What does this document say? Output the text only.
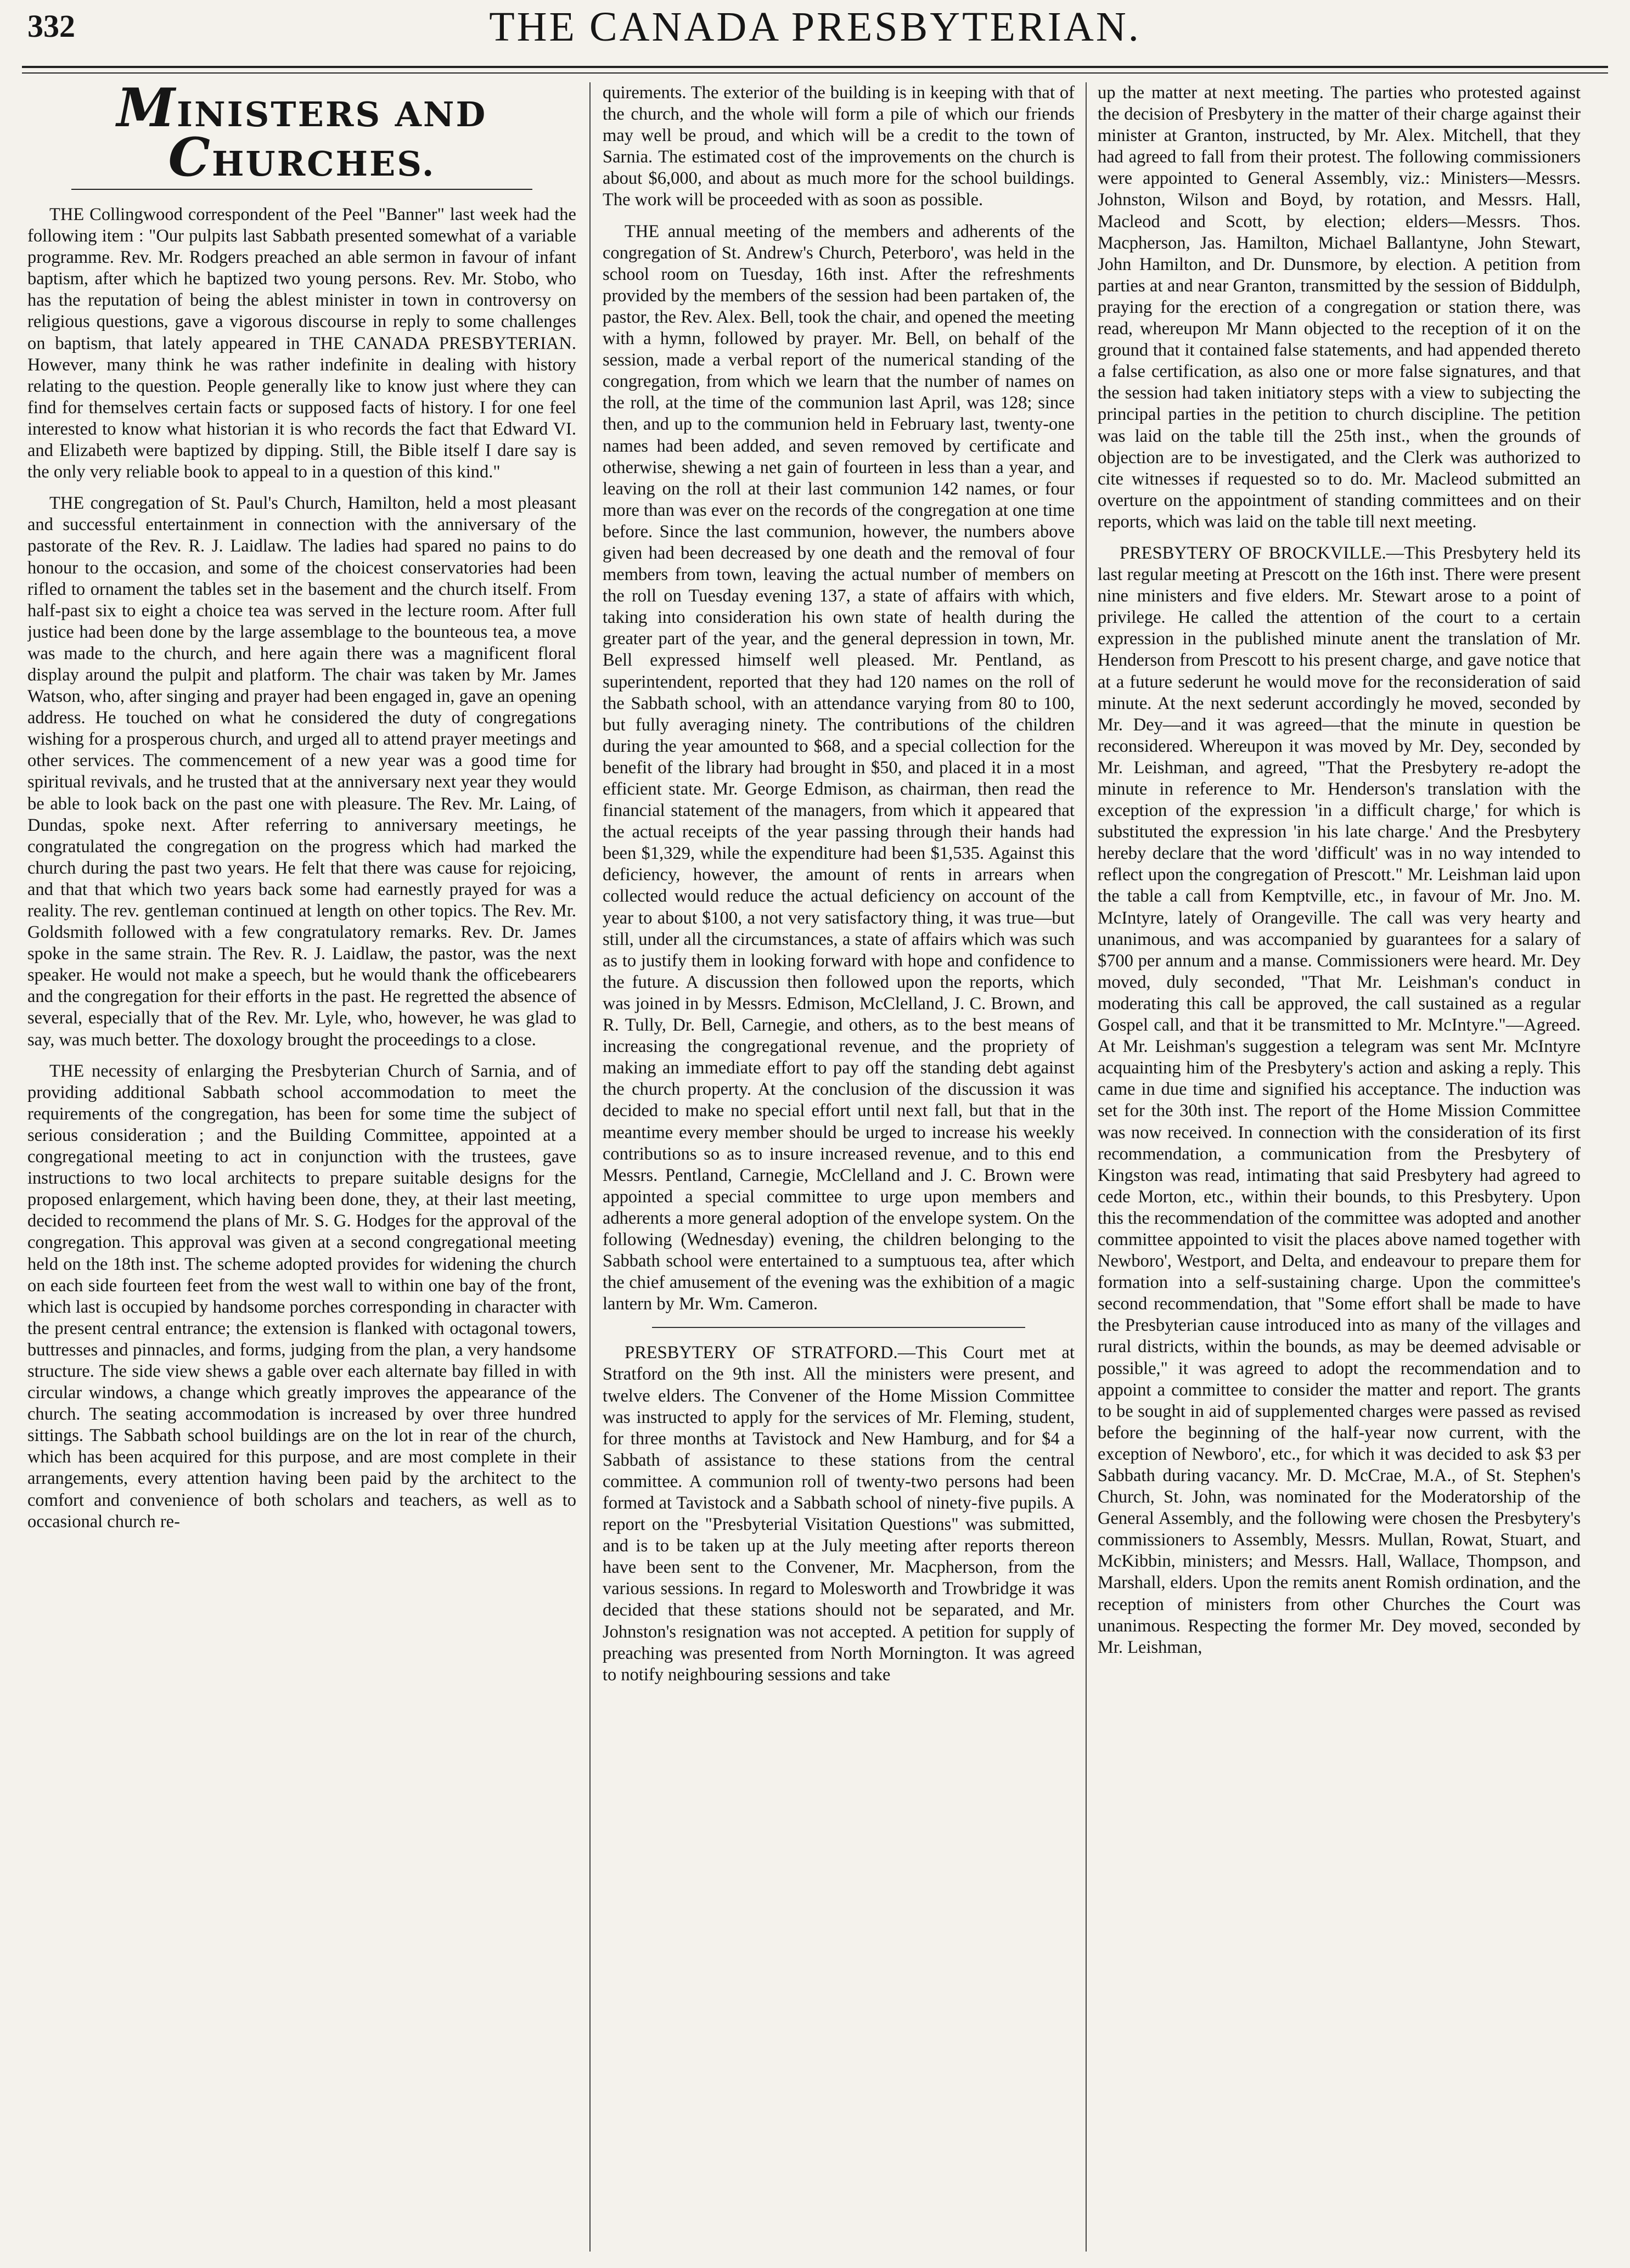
332	THE CANADA PRESBYTERIAN.
MINISTERS AND CHURCHES.

THE Collingwood correspondent of the Peel "Banner" last week had the following item : "Our pulpits last Sabbath presented somewhat of a variable programme. Rev. Mr. Rodgers preached an able sermon in favour of infant baptism, after which he baptized two young persons. Rev. Mr. Stobo, who has the reputation of being the ablest minister in town in controversy on religious questions, gave a vigorous discourse in reply to some challenges on baptism, that lately appeared in THE CANADA PRESBYTERIAN. However, many think he was rather indefinite in dealing with history relating to the question. People generally like to know just where they can find for themselves certain facts or supposed facts of history. I for one feel interested to know what historian it is who records the fact that Edward VI. and Elizabeth were baptized by dipping. Still, the Bible itself I dare say is the only very reliable book to appeal to in a question of this kind."

THE congregation of St. Paul's Church, Hamilton, held a most pleasant and successful entertainment in connection with the anniversary of the pastorate of the Rev. R. J. Laidlaw. The ladies had spared no pains to do honour to the occasion, and some of the choicest conservatories had been rifled to ornament the tables set in the basement and the church itself. From half-past six to eight a choice tea was served in the lecture room. After full justice had been done by the large assemblage to the bounteous tea, a move was made to the church, and here again there was a magnificent floral display around the pulpit and platform. The chair was taken by Mr. James Watson, who, after singing and prayer had been engaged in, gave an opening address. He touched on what he considered the duty of congregations wishing for a prosperous church, and urged all to attend prayer meetings and other services. The commencement of a new year was a good time for spiritual revivals, and he trusted that at the anniversary next year they would be able to look back on the past one with pleasure. The Rev. Mr. Laing, of Dundas, spoke next. After referring to anniversary meetings, he congratulated the congregation on the progress which had marked the church during the past two years. He felt that there was cause for rejoicing, and that that which two years back some had earnestly prayed for was a reality. The rev. gentleman continued at length on other topics. The Rev. Mr. Goldsmith followed with a few congratulatory remarks. Rev. Dr. James spoke in the same strain. The Rev. R. J. Laidlaw, the pastor, was the next speaker. He would not make a speech, but he would thank the officebearers and the congregation for their efforts in the past. He regretted the absence of several, especially that of the Rev. Mr. Lyle, who, however, he was glad to say, was much better. The doxology brought the proceedings to a close.

THE necessity of enlarging the Presbyterian Church of Sarnia, and of providing additional Sabbath school accommodation to meet the requirements of the congregation, has been for some time the subject of serious consideration ; and the Building Committee, appointed at a congregational meeting to act in conjunction with the trustees, gave instructions to two local architects to prepare suitable designs for the proposed enlargement, which having been done, they, at their last meeting, decided to recommend the plans of Mr. S. G. Hodges for the approval of the congregation. This approval was given at a second congregational meeting held on the 18th inst. The scheme adopted provides for widening the church on each side fourteen feet from the west wall to within one bay of the front, which last is occupied by handsome porches corresponding in character with the present central entrance; the extension is flanked with octagonal towers, buttresses and pinnacles, and forms, judging from the plan, a very handsome structure. The side view shews a gable over each alternate bay filled in with circular windows, a change which greatly improves the appearance of the church. The seating accommodation is increased by over three hundred sittings. The Sabbath school buildings are on the lot in rear of the church, which has been acquired for this purpose, and are most complete in their arrangements, every attention having been paid by the architect to the comfort and convenience of both scholars and teachers, as well as to occasional church re-

quirements. The exterior of the building is in keeping with that of the church, and the whole will form a pile of which our friends may well be proud, and which will be a credit to the town of Sarnia. The estimated cost of the improvements on the church is about $6,000, and about as much more for the school buildings. The work will be proceeded with as soon as possible.

THE annual meeting of the members and adherents of the congregation of St. Andrew's Church, Peterboro', was held in the school room on Tuesday, 16th inst. After the refreshments provided by the members of the session had been partaken of, the pastor, the Rev. Alex. Bell, took the chair, and opened the meeting with a hymn, followed by prayer. Mr. Bell, on behalf of the session, made a verbal report of the numerical standing of the congregation, from which we learn that the number of names on the roll, at the time of the communion last April, was 128; since then, and up to the communion held in February last, twenty-one names had been added, and seven removed by certificate and otherwise, shewing a net gain of fourteen in less than a year, and leaving on the roll at their last communion 142 names, or four more than was ever on the records of the congregation at one time before. Since the last communion, however, the numbers above given had been decreased by one death and the removal of four members from town, leaving the actual number of members on the roll on Tuesday evening 137, a state of affairs with which, taking into consideration his own state of health during the greater part of the year, and the general depression in town, Mr. Bell expressed himself well pleased. Mr. Pentland, as superintendent, reported that they had 120 names on the roll of the Sabbath school, with an attendance varying from 80 to 100, but fully averaging ninety. The contributions of the children during the year amounted to $68, and a special collection for the benefit of the library had brought in $50, and placed it in a most efficient state. Mr. George Edmison, as chairman, then read the financial statement of the managers, from which it appeared that the actual receipts of the year passing through their hands had been $1,329, while the expenditure had been $1,535. Against this deficiency, however, the amount of rents in arrears when collected would reduce the actual deficiency on account of the year to about $100, a not very satisfactory thing, it was true—but still, under all the circumstances, a state of affairs which was such as to justify them in looking forward with hope and confidence to the future. A discussion then followed upon the reports, which was joined in by Messrs. Edmison, McClelland, J. C. Brown, and R. Tully, Dr. Bell, Carnegie, and others, as to the best means of increasing the congregational revenue, and the propriety of making an immediate effort to pay off the standing debt against the church property. At the conclusion of the discussion it was decided to make no special effort until next fall, but that in the meantime every member should be urged to increase his weekly contributions so as to insure increased revenue, and to this end Messrs. Pentland, Carnegie, McClelland and J. C. Brown were appointed a special committee to urge upon members and adherents a more general adoption of the envelope system. On the following (Wednesday) evening, the children belonging to the Sabbath school were entertained to a sumptuous tea, after which the chief amusement of the evening was the exhibition of a magic lantern by Mr. Wm. Cameron.

PRESBYTERY OF STRATFORD.—This Court met at Stratford on the 9th inst. All the ministers were present, and twelve elders. The Convener of the Home Mission Committee was instructed to apply for the services of Mr. Fleming, student, for three months at Tavistock and New Hamburg, and for $4 a Sabbath of assistance to these stations from the central committee. A communion roll of twenty-two persons had been formed at Tavistock and a Sabbath school of ninety-five pupils. A report on the "Presbyterial Visitation Questions" was submitted, and is to be taken up at the July meeting after reports thereon have been sent to the Convener, Mr. Macpherson, from the various sessions. In regard to Molesworth and Trowbridge it was decided that these stations should not be separated, and Mr. Johnston's resignation was not accepted. A petition for supply of preaching was presented from North Mornington. It was agreed to notify neighbouring sessions and take

up the matter at next meeting. The parties who protested against the decision of Presbytery in the matter of their charge against their minister at Granton, instructed, by Mr. Alex. Mitchell, that they had agreed to fall from their protest. The following commissioners were appointed to General Assembly, viz.: Ministers—Messrs. Johnston, Wilson and Boyd, by rotation, and Messrs. Hall, Macleod and Scott, by election; elders—Messrs. Thos. Macpherson, Jas. Hamilton, Michael Ballantyne, John Stewart, John Hamilton, and Dr. Dunsmore, by election. A petition from parties at and near Granton, transmitted by the session of Biddulph, praying for the erection of a congregation or station there, was read, whereupon Mr Mann objected to the reception of it on the ground that it contained false statements, and had appended thereto a false certification, as also one or more false signatures, and that the session had taken initiatory steps with a view to subjecting the principal parties in the petition to church discipline. The petition was laid on the table till the 25th inst., when the grounds of objection are to be investigated, and the Clerk was authorized to cite witnesses if requested so to do. Mr. Macleod submitted an overture on the appointment of standing committees and on their reports, which was laid on the table till next meeting.

PRESBYTERY OF BROCKVILLE.—This Presbytery held its last regular meeting at Prescott on the 16th inst. There were present nine ministers and five elders. Mr. Stewart arose to a point of privilege. He called the attention of the court to a certain expression in the published minute anent the translation of Mr. Henderson from Prescott to his present charge, and gave notice that at a future sederunt he would move for the reconsideration of said minute. At the next sederunt accordingly he moved, seconded by Mr. Dey—and it was agreed—that the minute in question be reconsidered. Whereupon it was moved by Mr. Dey, seconded by Mr. Leishman, and agreed, "That the Presbytery re-adopt the minute in reference to Mr. Henderson's translation with the exception of the expression 'in a difficult charge,' for which is substituted the expression 'in his late charge.' And the Presbytery hereby declare that the word 'difficult' was in no way intended to reflect upon the congregation of Prescott." Mr. Leishman laid upon the table a call from Kemptville, etc., in favour of Mr. Jno. M. McIntyre, lately of Orangeville. The call was very hearty and unanimous, and was accompanied by guarantees for a salary of $700 per annum and a manse. Commissioners were heard. Mr. Dey moved, duly seconded, "That Mr. Leishman's conduct in moderating this call be approved, the call sustained as a regular Gospel call, and that it be transmitted to Mr. McIntyre."—Agreed. At Mr. Leishman's suggestion a telegram was sent Mr. McIntyre acquainting him of the Presbytery's action and asking a reply. This came in due time and signified his acceptance. The induction was set for the 30th inst. The report of the Home Mission Committee was now received. In connection with the consideration of its first recommendation, a communication from the Presbytery of Kingston was read, intimating that said Presbytery had agreed to cede Morton, etc., within their bounds, to this Presbytery. Upon this the recommendation of the committee was adopted and another committee appointed to visit the places above named together with Newboro', Westport, and Delta, and endeavour to prepare them for formation into a self-sustaining charge. Upon the committee's second recommendation, that "Some effort shall be made to have the Presbyterian cause introduced into as many of the villages and rural districts, within the bounds, as may be deemed advisable or possible," it was agreed to adopt the recommendation and to appoint a committee to consider the matter and report. The grants to be sought in aid of supplemented charges were passed as revised before the beginning of the half-year now current, with the exception of Newboro', etc., for which it was decided to ask $3 per Sabbath during vacancy. Mr. D. McCrae, M.A., of St. Stephen's Church, St. John, was nominated for the Moderatorship of the General Assembly, and the following were chosen the Presbytery's commissioners to Assembly, Messrs. Mullan, Rowat, Stuart, and McKibbin, ministers; and Messrs. Hall, Wallace, Thompson, and Marshall, elders. Upon the remits anent Romish ordination, and the reception of ministers from other Churches the Court was unanimous. Respecting the former Mr. Dey moved, seconded by Mr. Leishman,
